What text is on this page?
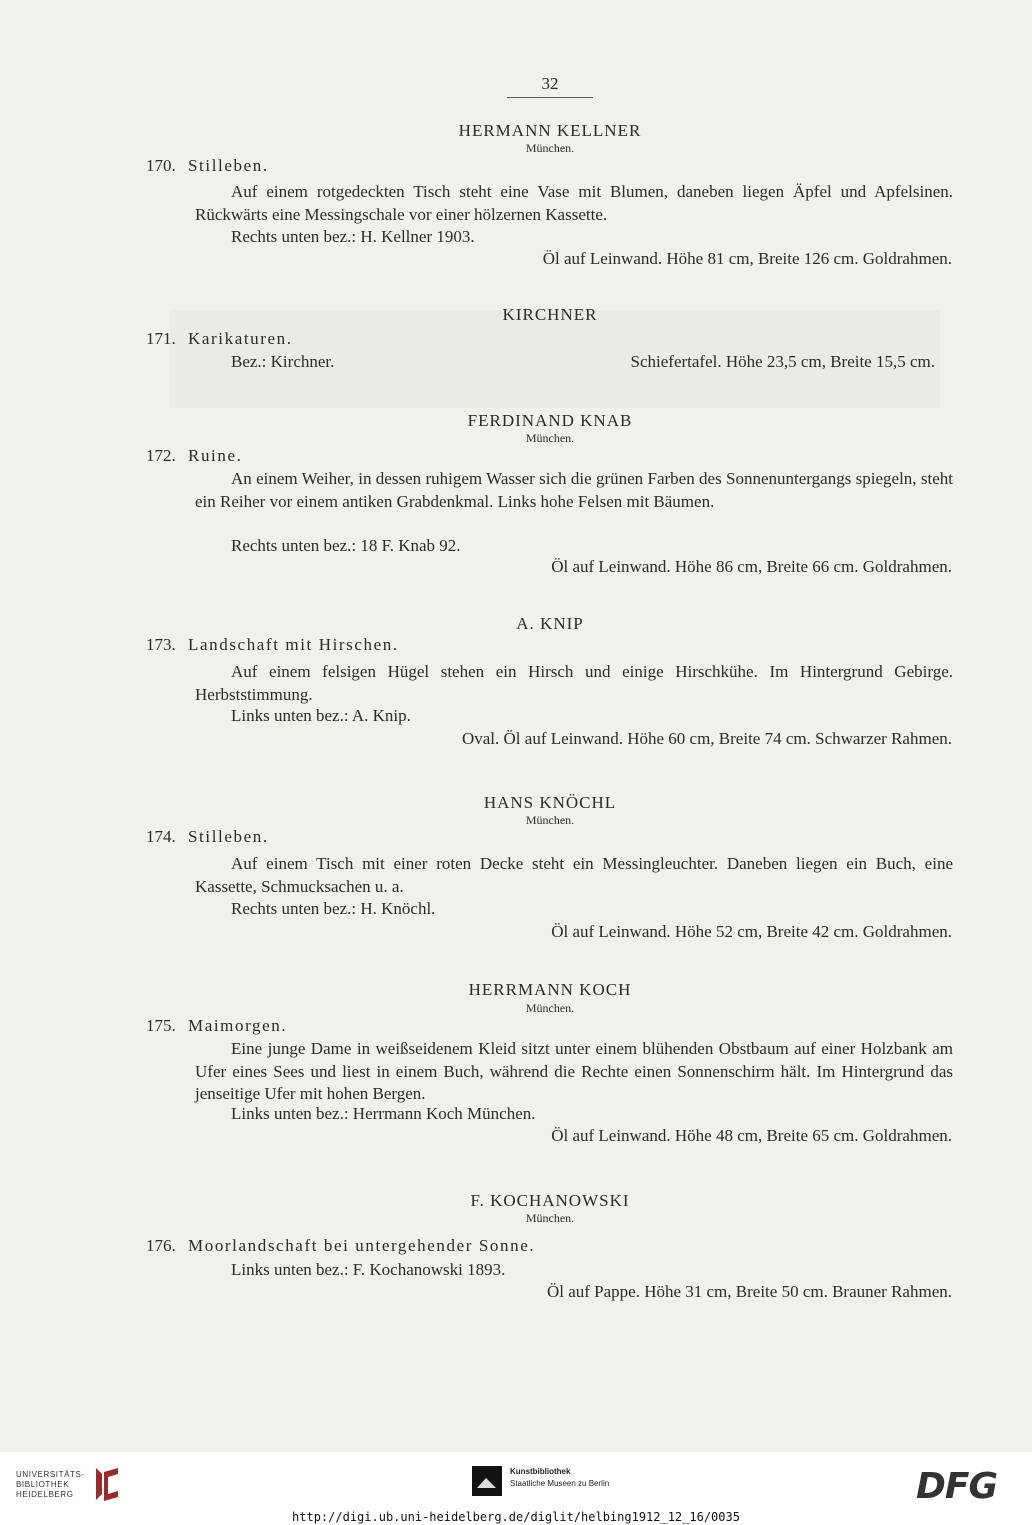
32
HERMANN KELLNER
München.
170. Stilleben.
Auf einem rotgedeckten Tisch steht eine Vase mit Blumen, daneben liegen Äpfel und Apfelsinen. Rückwärts eine Messingschale vor einer hölzernen Kassette.
Rechts unten bez.: H. Kellner 1903.
Öl auf Leinwand. Höhe 81 cm, Breite 126 cm. Goldrahmen.
KIRCHNER
171. Karikaturen.
Bez.: Kirchner.	Schiefertafel. Höhe 23,5 cm, Breite 15,5 cm.
FERDINAND KNAB
München.
172. Ruine.
An einem Weiher, in dessen ruhigem Wasser sich die grünen Farben des Sonnenuntergangs spiegeln, steht ein Reiher vor einem antiken Grabdenkmal. Links hohe Felsen mit Bäumen.
Rechts unten bez.: 18 F. Knab 92.
Öl auf Leinwand. Höhe 86 cm, Breite 66 cm. Goldrahmen.
A. KNIP
173. Landschaft mit Hirschen.
Auf einem felsigen Hügel stehen ein Hirsch und einige Hirschkühe. Im Hintergrund Gebirge. Herbststimmung.
Links unten bez.: A. Knip.
Oval. Öl auf Leinwand. Höhe 60 cm, Breite 74 cm. Schwarzer Rahmen.
HANS KNÖCHL
München.
174. Stilleben.
Auf einem Tisch mit einer roten Decke steht ein Messingleuchter. Daneben liegen ein Buch, eine Kassette, Schmucksachen u. a.
Rechts unten bez.: H. Knöchl.
Öl auf Leinwand. Höhe 52 cm, Breite 42 cm. Goldrahmen.
HERRMANN KOCH
München.
175. Maimorgen.
Eine junge Dame in weißseidenem Kleid sitzt unter einem blühenden Obstbaum auf einer Holzbank am Ufer eines Sees und liest in einem Buch, während die Rechte einen Sonnenschirm hält. Im Hintergrund das jenseitige Ufer mit hohen Bergen.
Links unten bez.: Herrmann Koch München.
Öl auf Leinwand. Höhe 48 cm, Breite 65 cm. Goldrahmen.
F. KOCHANOWSKI
München.
176. Moorlandschaft bei untergehender Sonne.
Links unten bez.: F. Kochanowski 1893.
Öl auf Pappe. Höhe 31 cm, Breite 50 cm. Brauner Rahmen.
UNIVERSITÄTS-
BIBLIOTHEK
HEIDELBERG
Kunstbibliothek
Staatliche Museen zu Berlin	DFG
http://digi.ub.uni-heidelberg.de/diglit/helbing1912_12_16/0035
